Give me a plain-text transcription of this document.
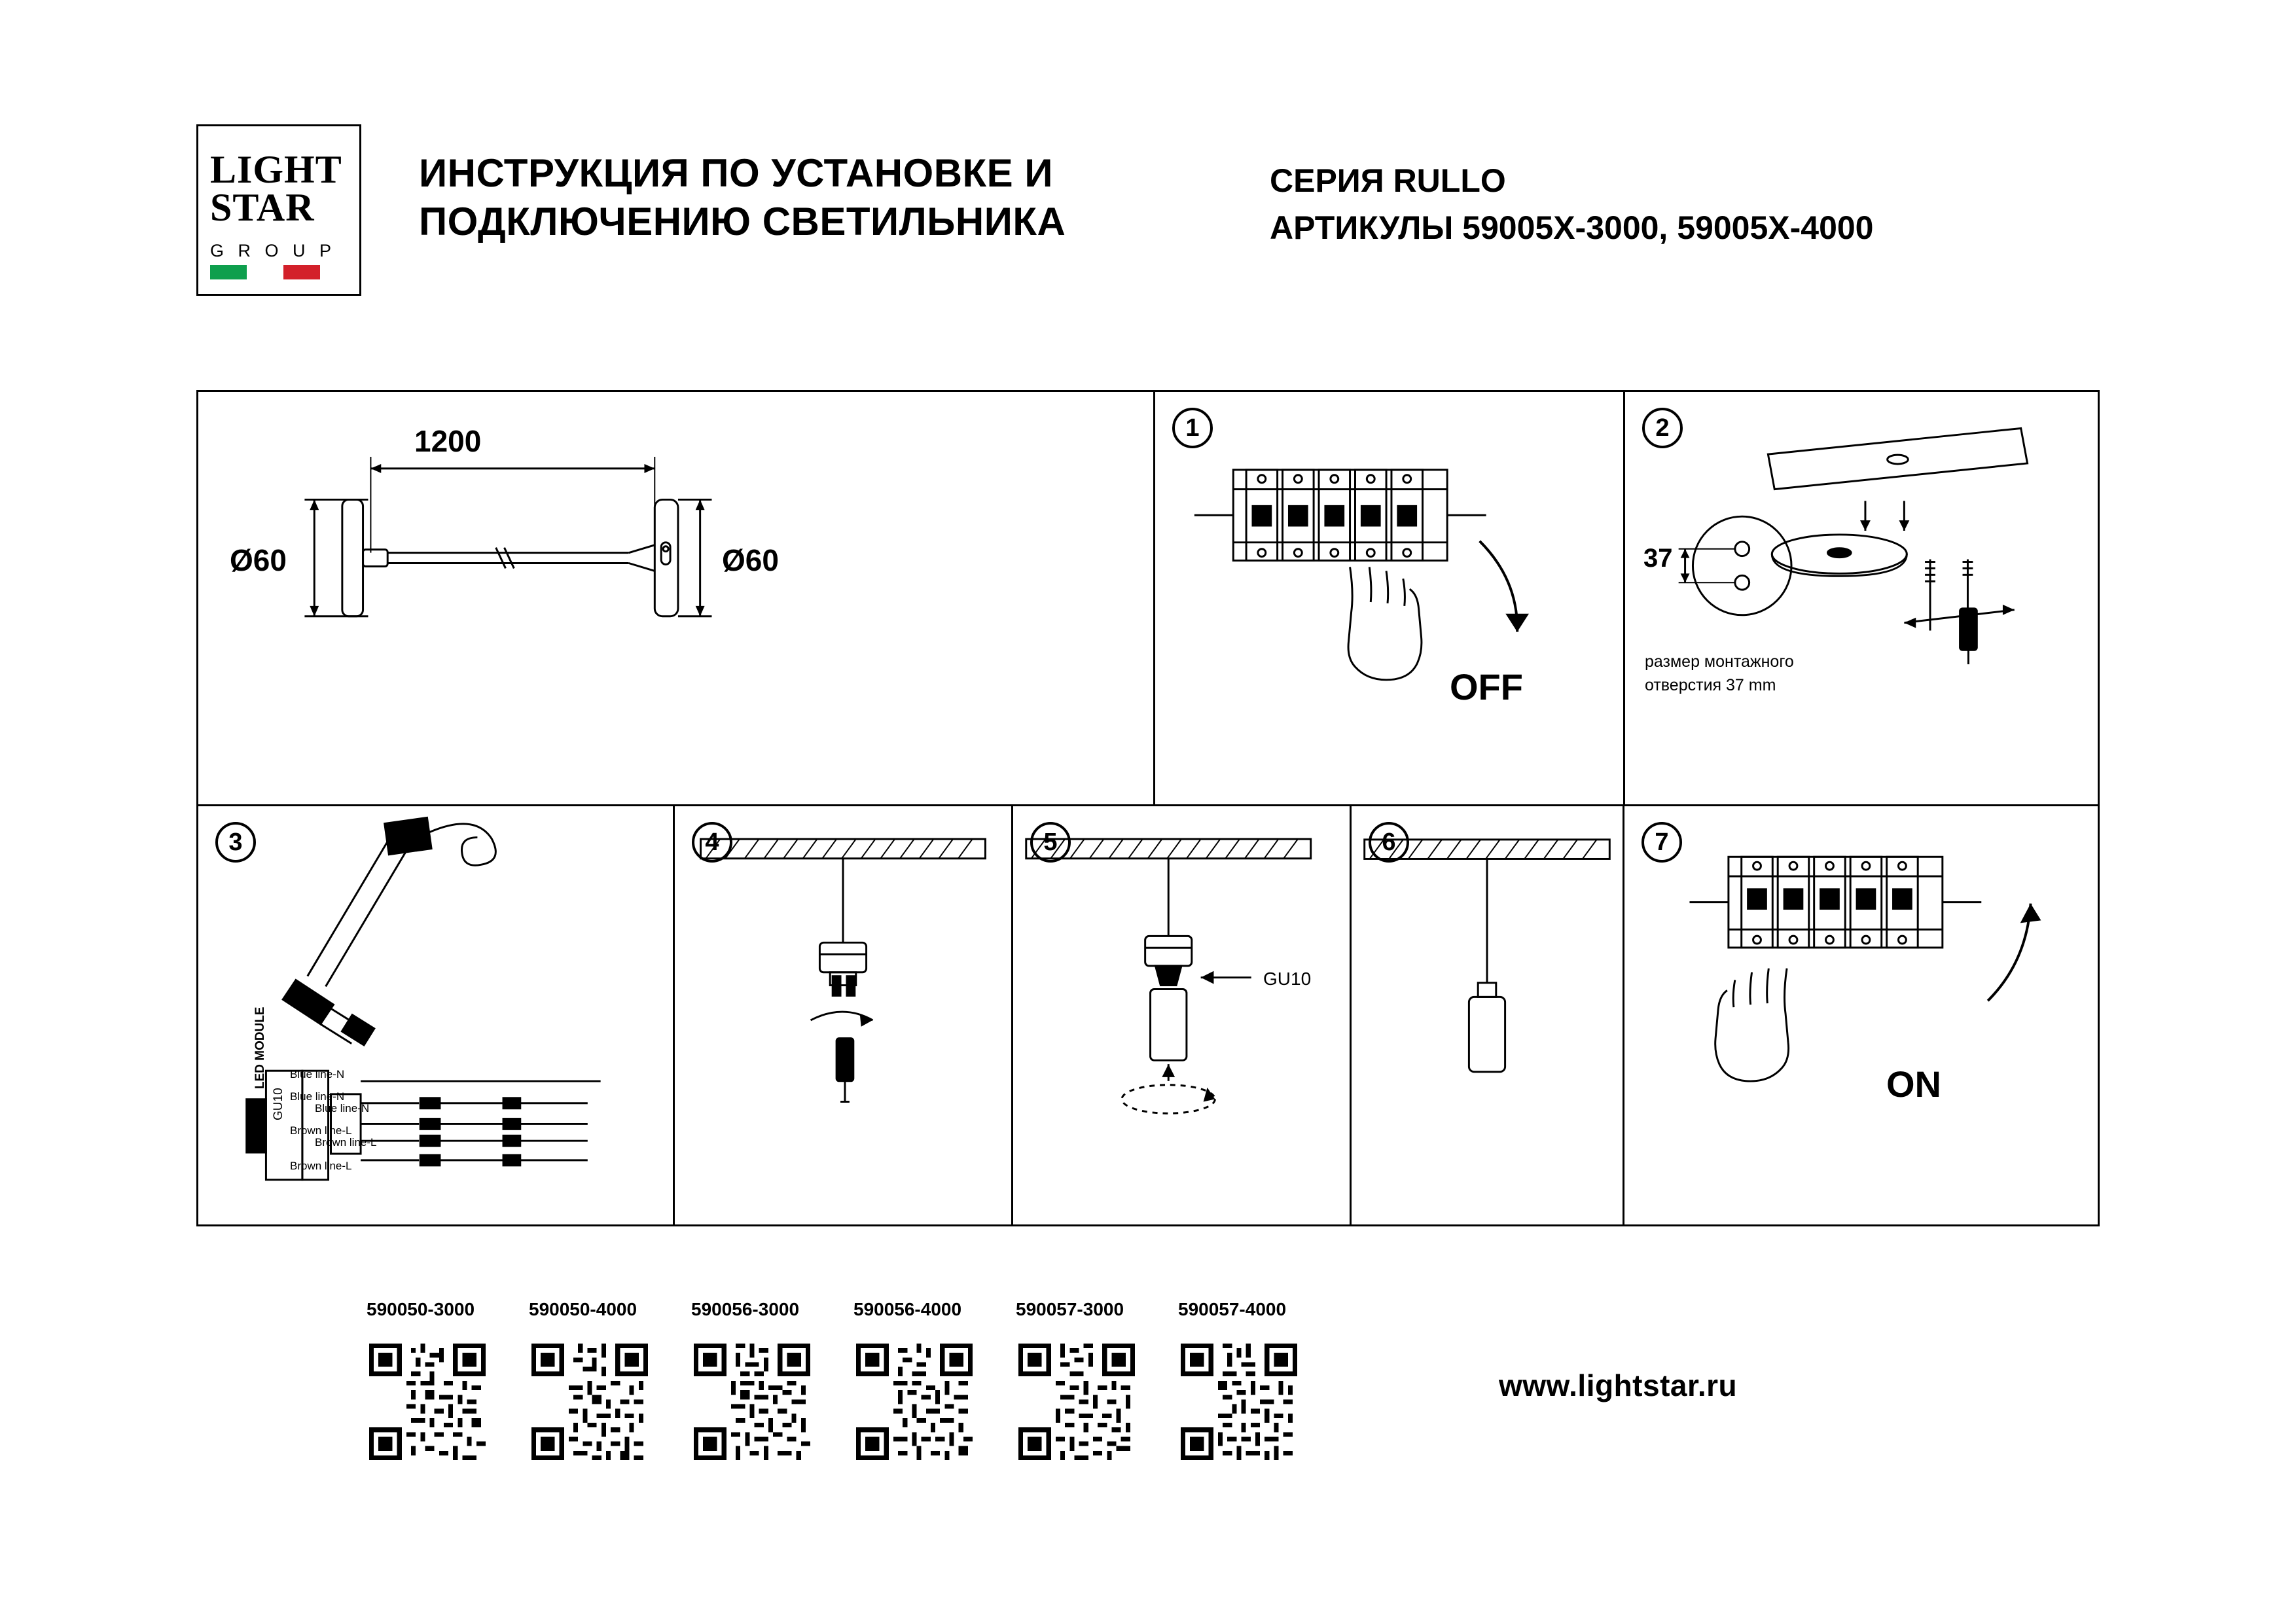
LIGHT
STAR
G R O U P
ИНСТРУКЦИЯ ПО УСТАНОВКЕ И
ПОДКЛЮЧЕНИЮ СВЕТИЛЬНИКА
СЕРИЯ RULLO
АРТИКУЛЫ 59005X-3000, 59005X-4000
1200
Ø60	Ø60
1
OFF
2
37
размер монтажного
отверстия 37 mm
3
LED MODULE
GU10
Blue line-N
Blue line-N
Blue line-N
Brown line-L
Brown line-L
Brown line-L
4	5
GU10
6	7
ON
590050-3000	590050-4000	590056-3000	590056-4000	590057-3000	590057-4000
www.lightstar.ru
